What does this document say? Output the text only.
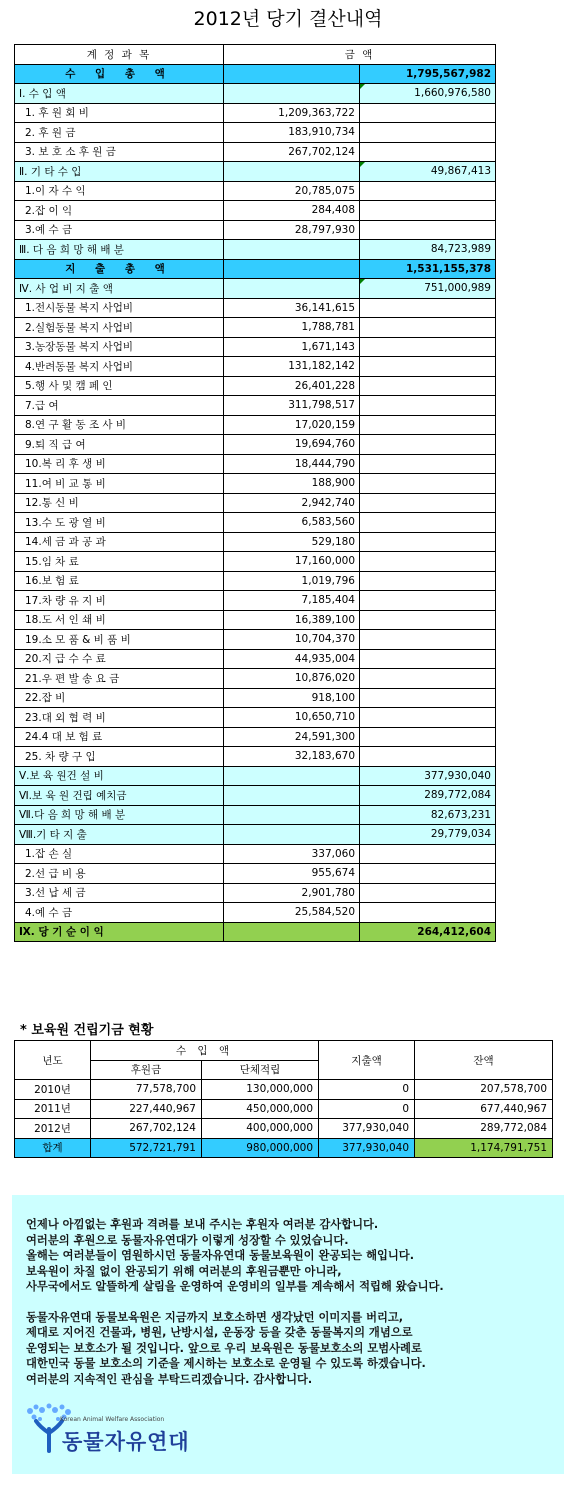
2012년 당기 결산내역
계 정 과 목	금 액	
수 입 총 액		1,795,567,982
Ⅰ. 수 입 액		1,660,976,580
1. 후 원 회 비	1,209,363,722	
2. 후 원 금	183,910,734	
3. 보 호 소 후 원 금	267,702,124	
Ⅱ. 기 타 수 입		49,867,413
1.이 자 수 익	20,785,075	
2.잡 이 익	284,408	
3.예 수 금	28,797,930	
Ⅲ. 다 음 희 망 해 배 분		84,723,989
지 출 총 액		1,531,155,378
Ⅳ. 사 업 비 지 출 액		751,000,989
1.전시동물 복지 사업비	36,141,615	
2.실험동물 복지 사업비	1,788,781	
3.농장동물 복지 사업비	1,671,143	
4.반려동물 복지 사업비	131,182,142	
5.행 사 및 캠 페 인	26,401,228	
7.급 여	311,798,517	
8.연 구 활 동 조 사 비	17,020,159	
9.퇴 직 급 여	19,694,760	
10.복 리 후 생 비	18,444,790	
11.여 비 교 통 비	188,900	
12.통 신 비	2,942,740	
13.수 도 광 열 비	6,583,560	
14.세 금 과 공 과	529,180	
15.임 차 료	17,160,000	
16.보 험 료	1,019,796	
17.차 량 유 지 비	7,185,404	
18.도 서 인 쇄 비	16,389,100	
19.소 모 품 & 비 품 비	10,704,370	
20.지 급 수 수 료	44,935,004	
21.우 편 발 송 요 금	10,876,020	
22.잡 비	918,100	
23.대 외 협 력 비	10,650,710	
24.4 대 보 험 료	24,591,300	
25. 차 량 구 입	32,183,670	
Ⅴ.보 육 원건 설 비		377,930,040
Ⅵ.보 육 원 건립 예치금		289,772,084
Ⅶ.다 음 희 망 해 배 분		82,673,231
Ⅷ.기 타 지 출		29,779,034
1.잡 손 실	337,060	
2.선 급 비 용	955,674	
3.선 납 세 금	2,901,780	
4.예 수 금	25,584,520	
Ⅸ. 당 기 순 이 익		264,412,604
* 보육원 건립기금 현황
년도	수 입 액		지출액	잔액
	후원금	단체적립		
2010년	77,578,700	130,000,000	0	207,578,700
2011년	227,440,967	450,000,000	0	677,440,967
2012년	267,702,124	400,000,000	377,930,040	289,772,084
합계	572,721,791	980,000,000	377,930,040	1,174,791,751

언제나 아낌없는 후원과 격려를 보내 주시는 후원자 여러분 감사합니다.

여러분의 후원으로 동물자유연대가 이렇게 성장할 수 있었습니다.

올해는 여러분들이 염원하시던 동물자유연대 동물보육원이 완공되는 해입니다.

보육원이 차질 없이 완공되기 위해 여러분의 후원금뿐만 아니라,

사무국에서도 알뜰하게 살림을 운영하여 운영비의 일부를 계속해서 적립해 왔습니다.

동물자유연대 동물보육원은 지금까지 보호소하면 생각났던 이미지를 버리고,

제대로 지어진 건물과, 병원, 난방시설, 운동장 등을 갖춘 동물복지의 개념으로

운영되는 보호소가 될 것입니다. 앞으로 우리 보육원은 동물보호소의 모범사례로

대한민국 동물 보호소의 기준을 제시하는 보호소로 운영될 수 있도록 하겠습니다.

여러분의 지속적인 관심을 부탁드리겠습니다. 감사합니다.

Korean Animal Welfare Association
동물자유연대
